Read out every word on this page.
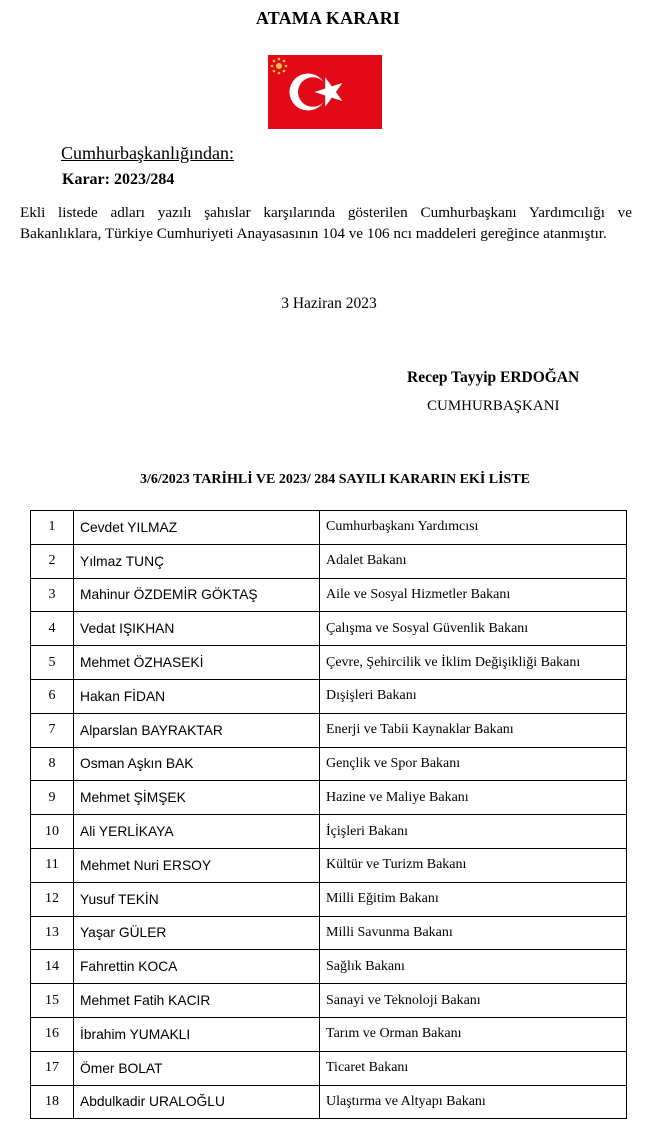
ATAMA KARARI
Cumhurbaşkanlığından:
Karar: 2023/284
Ekli listede adları yazılı şahıslar karşılarında gösterilen Cumhurbaşkanı Yardımcılığı ve Bakanlıklara, Türkiye Cumhuriyeti Anayasasının 104 ve 106 ncı maddeleri gereğince atanmıştır.
3 Haziran 2023
Recep Tayyip ERDOĞAN
CUMHURBAŞKANI
3/6/2023 TARİHLİ VE 2023/ 284 SAYILI KARARIN EKİ LİSTE
1	Cevdet YILMAZ	Cumhurbaşkanı Yardımcısı
2	Yılmaz TUNÇ	Adalet Bakanı
3	Mahinur ÖZDEMİR GÖKTAŞ	Aile ve Sosyal Hizmetler Bakanı
4	Vedat IŞIKHAN	Çalışma ve Sosyal Güvenlik Bakanı
5	Mehmet ÖZHASEKİ	Çevre, Şehircilik ve İklim Değişikliği Bakanı
6	Hakan FİDAN	Dışişleri Bakanı
7	Alparslan BAYRAKTAR	Enerji ve Tabii Kaynaklar Bakanı
8	Osman Aşkın BAK	Gençlik ve Spor Bakanı
9	Mehmet ŞİMŞEK	Hazine ve Maliye Bakanı
10	Ali YERLİKAYA	İçişleri Bakanı
11	Mehmet Nuri ERSOY	Kültür ve Turizm Bakanı
12	Yusuf TEKİN	Milli Eğitim Bakanı
13	Yaşar GÜLER	Milli Savunma Bakanı
14	Fahrettin KOCA	Sağlık Bakanı
15	Mehmet Fatih KACIR	Sanayi ve Teknoloji Bakanı
16	İbrahim YUMAKLI	Tarım ve Orman Bakanı
17	Ömer BOLAT	Ticaret Bakanı
18	Abdulkadir URALOĞLU	Ulaştırma ve Altyapı Bakanı
